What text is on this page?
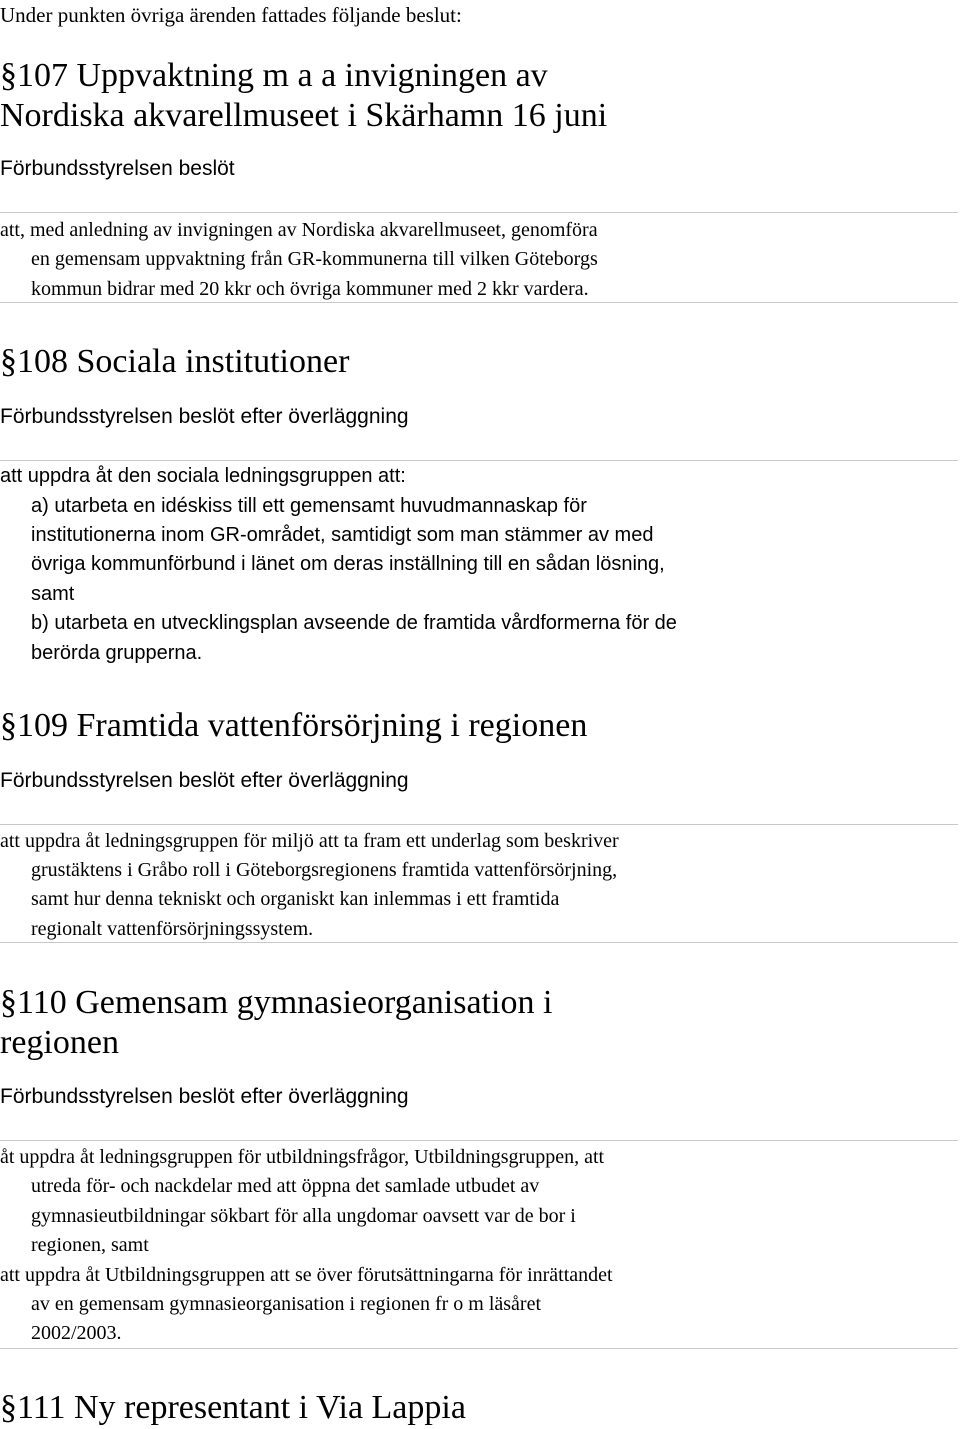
Under punkten övriga ärenden fattades följande beslut:
§107 Uppvaktning m a a invigningen av
Nordiska akvarellmuseet i Skärhamn 16 juni
Förbundsstyrelsen beslöt
att, med anledning av invigningen av Nordiska akvarellmuseet, genomföra
en gemensam uppvaktning från GR-kommunerna till vilken Göteborgs
kommun bidrar med 20 kkr och övriga kommuner med 2 kkr vardera.
§108 Sociala institutioner
Förbundsstyrelsen beslöt efter överläggning
att uppdra åt den sociala ledningsgruppen att:
a) utarbeta en idéskiss till ett gemensamt huvudmannaskap för
institutionerna inom GR-området, samtidigt som man stämmer av med
övriga kommunförbund i länet om deras inställning till en sådan lösning,
samt
b) utarbeta en utvecklingsplan avseende de framtida vårdformerna för de
berörda grupperna.
§109 Framtida vattenförsörjning i regionen
Förbundsstyrelsen beslöt efter överläggning
att uppdra åt ledningsgruppen för miljö att ta fram ett underlag som beskriver
grustäktens i Gråbo roll i Göteborgsregionens framtida vattenförsörjning,
samt hur denna tekniskt och organiskt kan inlemmas i ett framtida
regionalt vattenförsörjningssystem.
§110 Gemensam gymnasieorganisation i
regionen
Förbundsstyrelsen beslöt efter överläggning
åt uppdra åt ledningsgruppen för utbildningsfrågor, Utbildningsgruppen, att
utreda för- och nackdelar med att öppna det samlade utbudet av
gymnasieutbildningar sökbart för alla ungdomar oavsett var de bor i
regionen, samt
att uppdra åt Utbildningsgruppen att se över förutsättningarna för inrättandet
av en gemensam gymnasieorganisation i regionen fr o m läsåret
2002/2003.
§111 Ny representant i Via Lappia
